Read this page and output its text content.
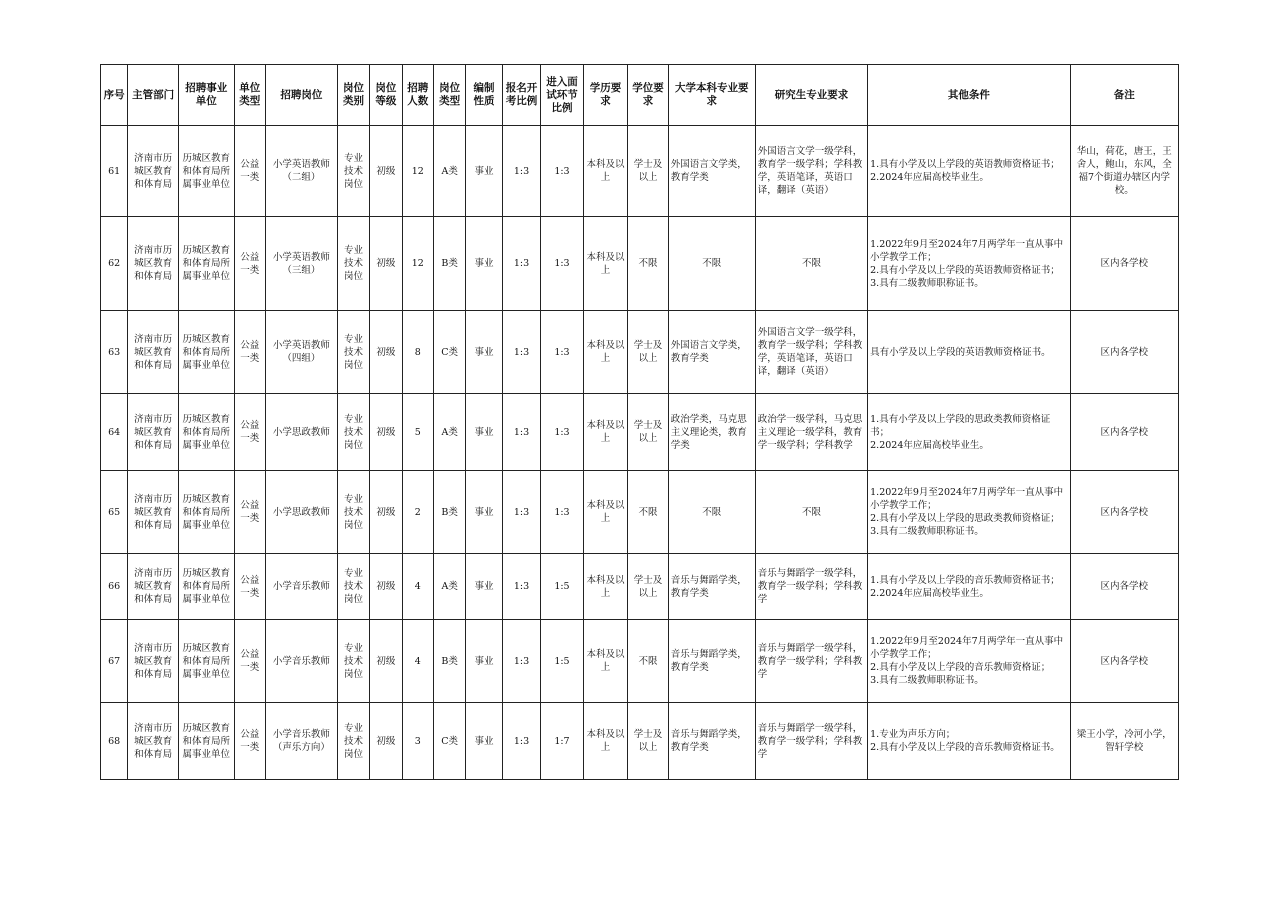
序号	主管部门	招聘事业单位	单位类型	招聘岗位	岗位类别	岗位等级	招聘人数	岗位类型	编制性质	报名开考比例	进入面试环节比例	学历要求	学位要求	大学本科专业要求	研究生专业要求	其他条件	备注
61	济南市历城区教育和体育局	历城区教育和体育局所属事业单位	公益一类	小学英语教师（二组）	专业技术岗位	初级	12	A类	事业	1:3	1:3	本科及以上	学士及以上	外国语言文学类，教育学类	外国语言文学一级学科，教育学一级学科；学科教学，英语笔译，英语口译，翻译（英语）	1.具有小学及以上学段的英语教师资格证书；
2.2024年应届高校毕业生。	华山，荷花，唐王，王舍人，鲍山，东风，全福7个街道办辖区内学校。
62	济南市历城区教育和体育局	历城区教育和体育局所属事业单位	公益一类	小学英语教师（三组）	专业技术岗位	初级	12	B类	事业	1:3	1:3	本科及以上	不限	不限	不限	1.2022年9月至2024年7月两学年一直从事中小学教学工作；
2.具有小学及以上学段的英语教师资格证书；
3.具有二级教师职称证书。	区内各学校
63	济南市历城区教育和体育局	历城区教育和体育局所属事业单位	公益一类	小学英语教师（四组）	专业技术岗位	初级	8	C类	事业	1:3	1:3	本科及以上	学士及以上	外国语言文学类，教育学类	外国语言文学一级学科，教育学一级学科；学科教学，英语笔译，英语口译，翻译（英语）	具有小学及以上学段的英语教师资格证书。	区内各学校
64	济南市历城区教育和体育局	历城区教育和体育局所属事业单位	公益一类	小学思政教师	专业技术岗位	初级	5	A类	事业	1:3	1:3	本科及以上	学士及以上	政治学类，马克思主义理论类，教育学类	政治学一级学科，马克思主义理论一级学科，教育学一级学科；学科教学	1.具有小学及以上学段的思政类教师资格证书；
2.2024年应届高校毕业生。	区内各学校
65	济南市历城区教育和体育局	历城区教育和体育局所属事业单位	公益一类	小学思政教师	专业技术岗位	初级	2	B类	事业	1:3	1:3	本科及以上	不限	不限	不限	1.2022年9月至2024年7月两学年一直从事中小学教学工作；
2.具有小学及以上学段的思政类教师资格证；
3.具有二级教师职称证书。	区内各学校
66	济南市历城区教育和体育局	历城区教育和体育局所属事业单位	公益一类	小学音乐教师	专业技术岗位	初级	4	A类	事业	1:3	1:5	本科及以上	学士及以上	音乐与舞蹈学类，教育学类	音乐与舞蹈学一级学科，教育学一级学科；学科教学	1.具有小学及以上学段的音乐教师资格证书；
2.2024年应届高校毕业生。	区内各学校
67	济南市历城区教育和体育局	历城区教育和体育局所属事业单位	公益一类	小学音乐教师	专业技术岗位	初级	4	B类	事业	1:3	1:5	本科及以上	不限	音乐与舞蹈学类，教育学类	音乐与舞蹈学一级学科，教育学一级学科；学科教学	1.2022年9月至2024年7月两学年一直从事中小学教学工作；
2.具有小学及以上学段的音乐教师资格证；
3.具有二级教师职称证书。	区内各学校
68	济南市历城区教育和体育局	历城区教育和体育局所属事业单位	公益一类	小学音乐教师（声乐方向）	专业技术岗位	初级	3	C类	事业	1:3	1:7	本科及以上	学士及以上	音乐与舞蹈学类，教育学类	音乐与舞蹈学一级学科，教育学一级学科；学科教学	1.专业为声乐方向；
2.具有小学及以上学段的音乐教师资格证书。	梁王小学，冷河小学，智轩学校
